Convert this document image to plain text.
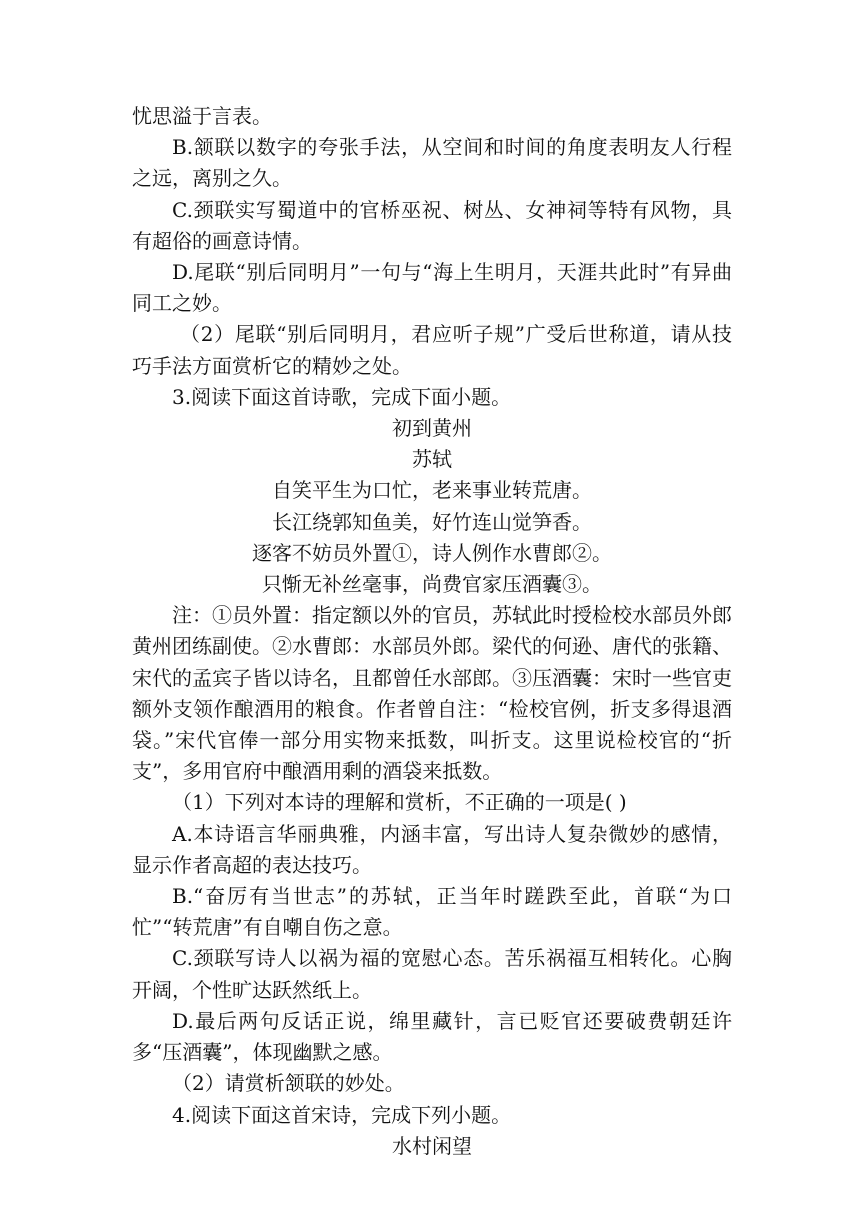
忧思溢于言表。

B.颔联以数字的夸张手法，从空间和时间的角度表明友人行程之远，离别之久。

C.颈联实写蜀道中的官桥巫祝、树丛、女神祠等特有风物，具有超俗的画意诗情。

D.尾联“别后同明月”一句与“海上生明月，天涯共此时”有异曲同工之妙。

（2）尾联“别后同明月，君应听子规”广受后世称道，请从技巧手法方面赏析它的精妙之处。

3.阅读下面这首诗歌，完成下面小题。

初到黄州

苏轼

自笑平生为口忙，老来事业转荒唐。

长江绕郭知鱼美，好竹连山觉笋香。

逐客不妨员外置①，诗人例作水曹郎②。

只惭无补丝毫事，尚费官家压酒囊③。

注：①员外置：指定额以外的官员，苏轼此时授检校水部员外郎黄州团练副使。②水曹郎：水部员外郎。梁代的何逊、唐代的张籍、宋代的孟宾子皆以诗名，且都曾任水部郎。③压酒囊：宋时一些官吏额外支领作酿酒用的粮食。作者曾自注：“检校官例，折支多得退酒袋。”宋代官俸一部分用实物来抵数，叫折支。这里说检校官的“折支”，多用官府中酿酒用剩的酒袋来抵数。

（1）下列对本诗的理解和赏析，不正确的一项是( )

A.本诗语言华丽典雅，内涵丰富，写出诗人复杂微妙的感情，显示作者高超的表达技巧。

B.“奋厉有当世志”的苏轼，正当年时蹉跌至此，首联“为口忙”“转荒唐”有自嘲自伤之意。

C.颈联写诗人以祸为福的宽慰心态。苦乐祸福互相转化。心胸开阔，个性旷达跃然纸上。

D.最后两句反话正说，绵里藏针，言已贬官还要破费朝廷许多“压酒囊”，体现幽默之感。

（2）请赏析颔联的妙处。

4.阅读下面这首宋诗，完成下列小题。

水村闲望
